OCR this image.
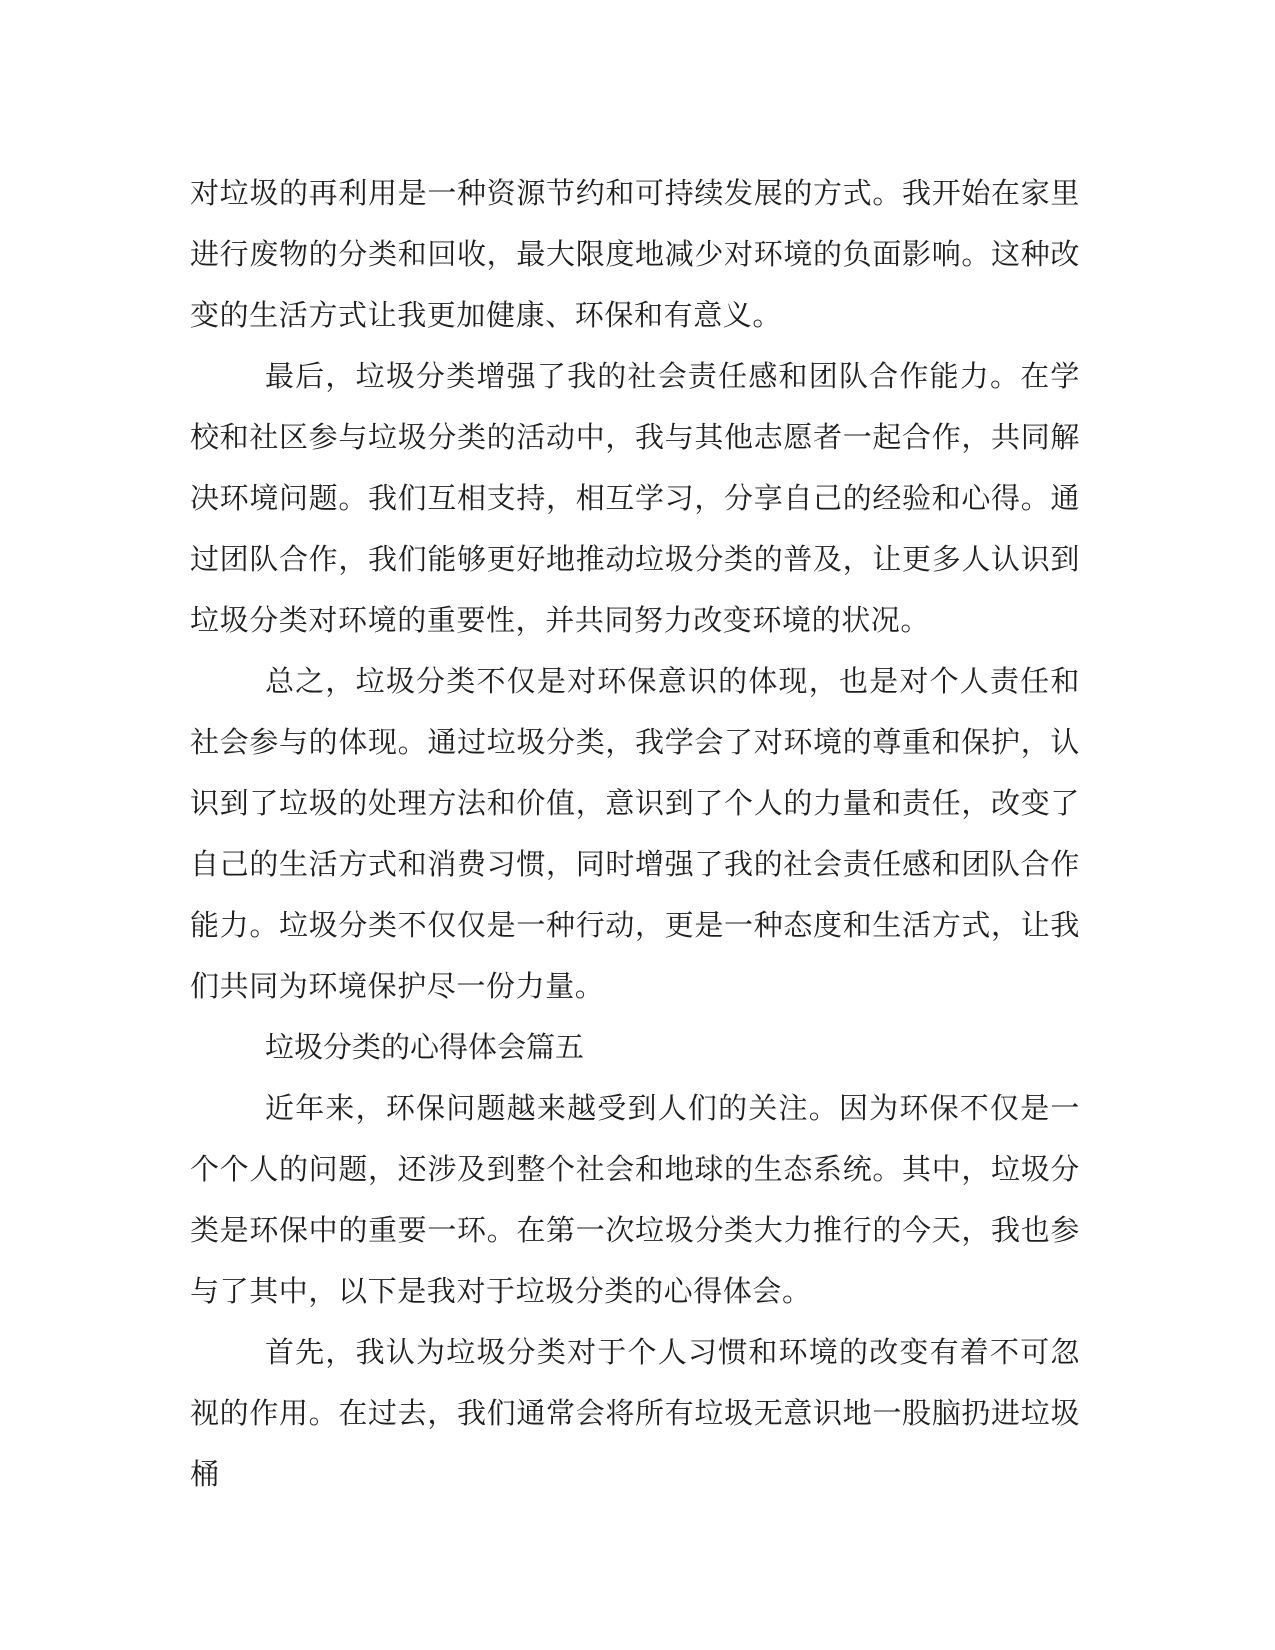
对垃圾的再利用是一种资源节约和可持续发展的方式。我开始在家里进行废物的分类和回收，最大限度地减少对环境的负面影响。这种改变的生活方式让我更加健康、环保和有意义。

最后，垃圾分类增强了我的社会责任感和团队合作能力。在学校和社区参与垃圾分类的活动中，我与其他志愿者一起合作，共同解决环境问题。我们互相支持，相互学习，分享自己的经验和心得。通过团队合作，我们能够更好地推动垃圾分类的普及，让更多人认识到垃圾分类对环境的重要性，并共同努力改变环境的状况。

总之，垃圾分类不仅是对环保意识的体现，也是对个人责任和社会参与的体现。通过垃圾分类，我学会了对环境的尊重和保护，认识到了垃圾的处理方法和价值，意识到了个人的力量和责任，改变了自己的生活方式和消费习惯，同时增强了我的社会责任感和团队合作能力。垃圾分类不仅仅是一种行动，更是一种态度和生活方式，让我们共同为环境保护尽一份力量。

垃圾分类的心得体会篇五

近年来，环保问题越来越受到人们的关注。因为环保不仅是一个个人的问题，还涉及到整个社会和地球的生态系统。其中，垃圾分类是环保中的重要一环。在第一次垃圾分类大力推行的今天，我也参与了其中，以下是我对于垃圾分类的心得体会。

首先，我认为垃圾分类对于个人习惯和环境的改变有着不可忽视的作用。在过去，我们通常会将所有垃圾无意识地一股脑扔进垃圾桶
